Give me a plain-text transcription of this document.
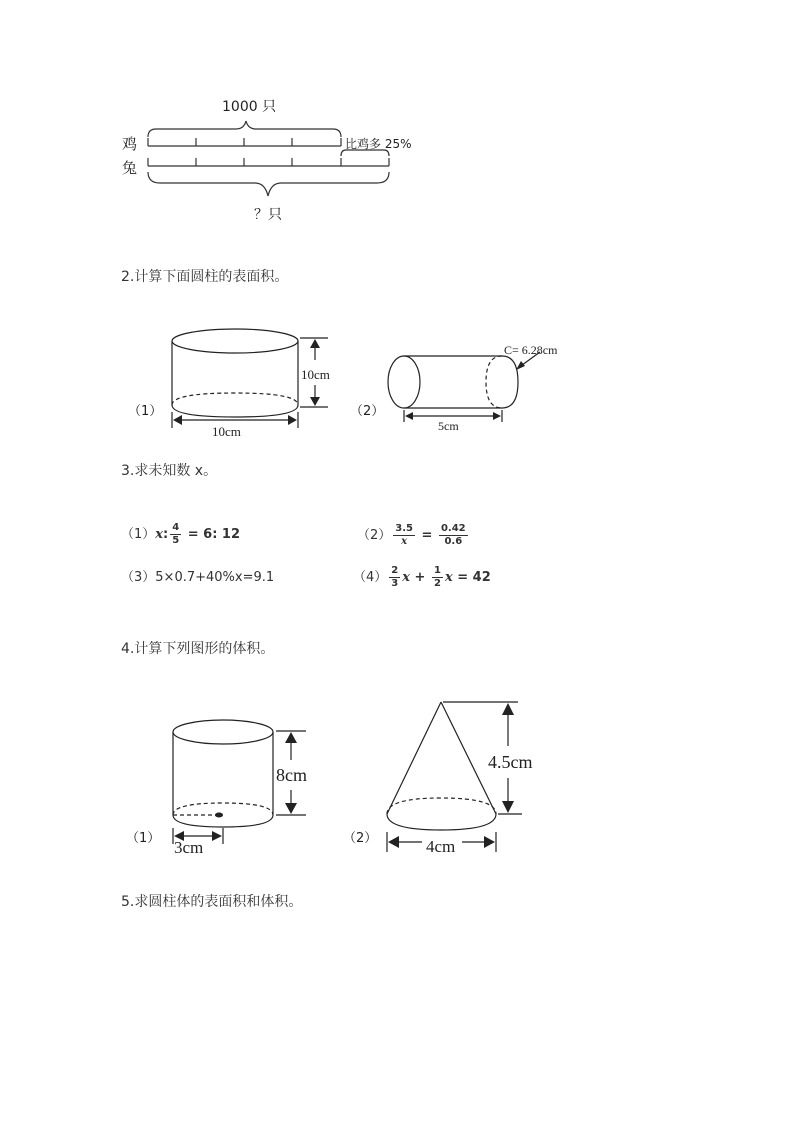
1000 只
鸡
兔
比鸡多 25%
？只
2.计算下面圆柱的表面积。
（1）
10cm
10cm
（2）
C= 6.28cm
5cm
3.求未知数 x。
（1）x: $\frac{4}{5} = 6$: 12	$(2) \frac{3.5}{x} = \frac{0.42}{0.6}$
（3）5×0.7+40%x=9.1	$(4) \frac{2}{3}$ $x + \frac{1}{2}$ x = 42
4.计算下列图形的体积。
（1）
8cm
3cm	（2）
4.5cm
4cm
5.求圆柱体的表面积和体积。
